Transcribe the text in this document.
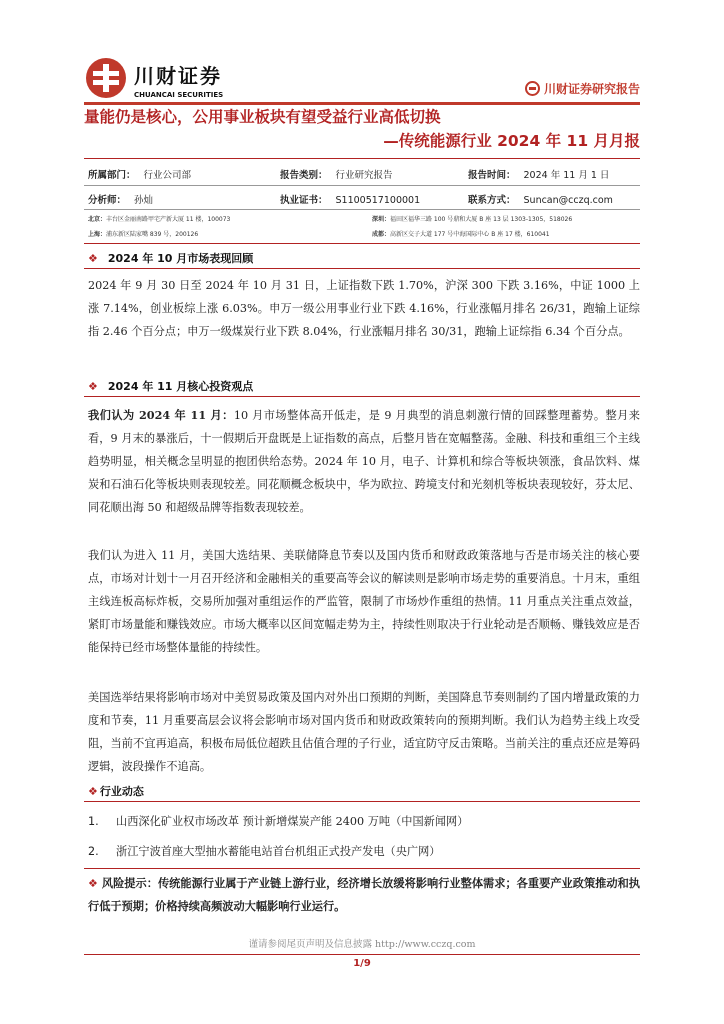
川财证券
CHUANCAI SECURITIES	川财证券研究报告
量能仍是核心，公用事业板块有望受益行业高低切换
—传统能源行业 2024 年 11 月月报
所属部门： 行业公司部	报告类别： 行业研究报告	报告时间： 2024 年 11 月 1 日
分析师： 孙灿	执业证书： S1100517100001	联系方式： Suncan@cczq.com
北京：丰台区金丽南路甲宅产新大厦 11 楼，100073	深圳：福田区福华三路 100 号鼎和大厦 B 座 13 层 1303-1305，518026
上海：浦东新区陆家嘴 839 号，200126	成都：高新区交子大道 177 号中海国际中心 B 座 17 楼，610041
❖ 2024 年 10 月市场表现回顾
2024 年 9 月 30 日至 2024 年 10 月 31 日，上证指数下跌 1.70%，沪深 300 下跌 3.16%，中证 1000 上涨 7.14%，创业板综上涨 6.03%。申万一级公用事业行业下跌 4.16%，行业涨幅月排名 26/31，跑输上证综指 2.46 个百分点；申万一级煤炭行业下跌 8.04%，行业涨幅月排名 30/31，跑输上证综指 6.34 个百分点。
❖ 2024 年 11 月核心投资观点
我们认为 2024 年 11 月：10 月市场整体高开低走，是 9 月典型的消息刺激行情的回踩整理蓄势。整月来看，9 月末的暴涨后，十一假期后开盘既是上证指数的高点，后整月皆在宽幅整荡。金融、科技和重组三个主线趋势明显，相关概念呈明显的抱团供给态势。2024 年 10 月，电子、计算机和综合等板块领涨，食品饮料、煤炭和石油石化等板块则表现较差。同花顺概念板块中，华为欧拉、跨境支付和光刻机等板块表现较好，芬太尼、同花顺出海 50 和超级品牌等指数表现较差。
我们认为进入 11 月，美国大选结果、美联储降息节奏以及国内货币和财政政策落地与否是市场关注的核心要点，市场对计划十一月召开经济和金融相关的重要高等会议的解读则是影响市场走势的重要消息。十月末，重组主线连板高标炸板，交易所加强对重组运作的严监管，限制了市场炒作重组的热情。11 月重点关注重点效益，紧盯市场量能和赚钱效应。市场大概率以区间宽幅走势为主，持续性则取决于行业轮动是否顺畅、赚钱效应是否能保持已经市场整体量能的持续性。
美国选举结果将影响市场对中美贸易政策及国内对外出口预期的判断，美国降息节奏则制约了国内增量政策的力度和节奏，11 月重要高层会议将会影响市场对国内货币和财政政策转向的预期判断。我们认为趋势主线上攻受阻，当前不宜再追高，积极布局低位超跌且估值合理的子行业，适宜防守反击策略。当前关注的重点还应是筹码逻辑，波段操作不追高。
❖ 行业动态
1. 山西深化矿业权市场改革 预计新增煤炭产能 2400 万吨（中国新闻网）
2. 浙江宁波首座大型抽水蓄能电站首台机组正式投产发电（央广网）
❖ 风险提示：传统能源行业属于产业链上游行业，经济增长放缓将影响行业整体需求；各重要产业政策推动和执行低于预期；价格持续高频波动大幅影响行业运行。
谨请参阅尾页声明及信息披露 http://www.cczq.com
1/9
